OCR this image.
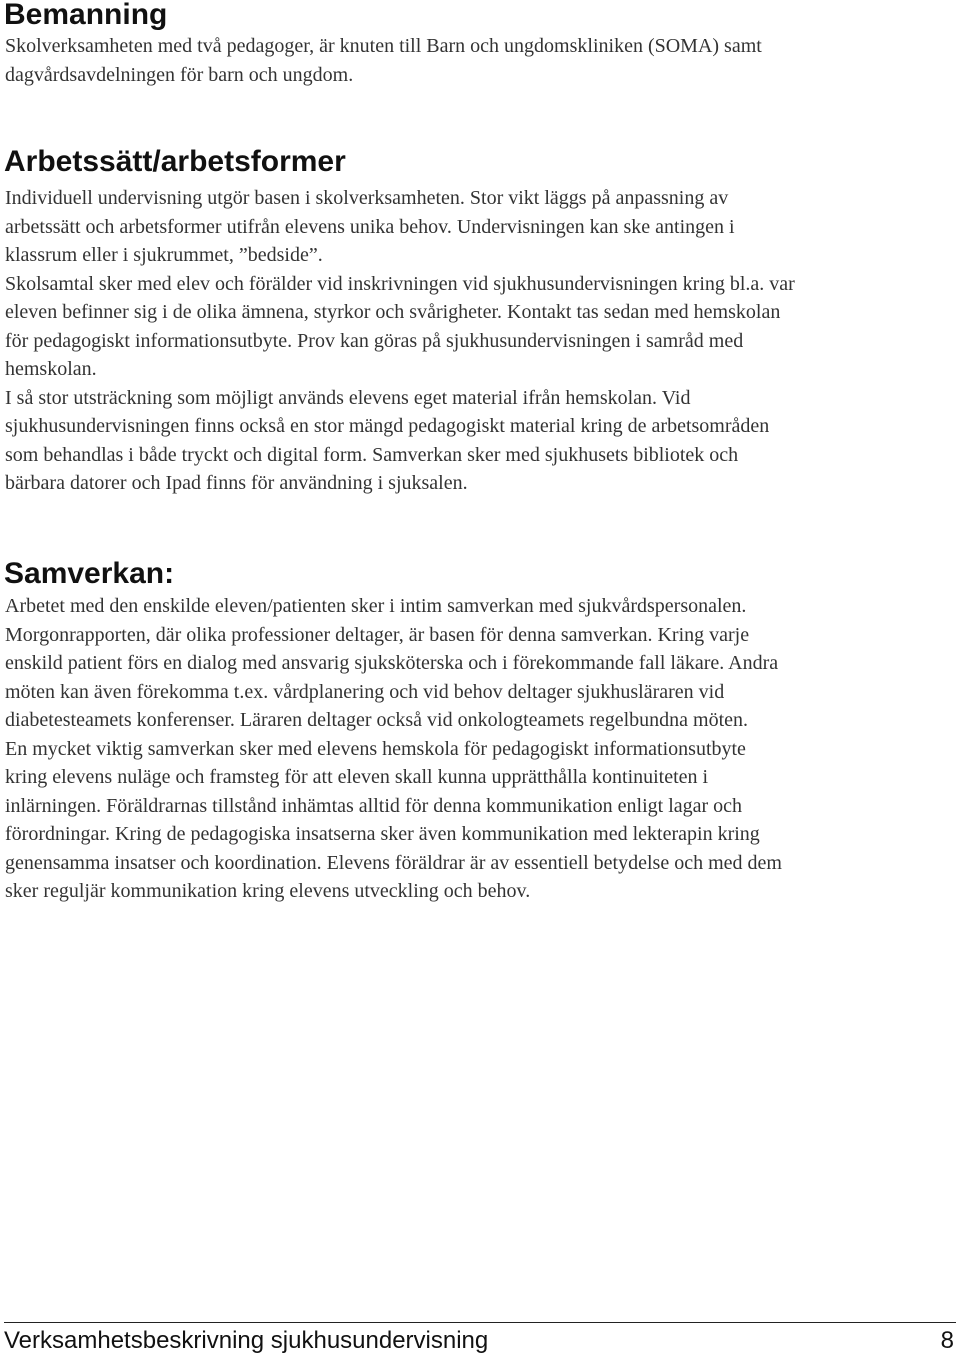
Bemanning

Skolverksamheten med två pedagoger, är knuten till Barn och ungdomskliniken (SOMA) samt
dagvårdsavdelningen för barn och ungdom.

Arbetssätt/arbetsformer

Individuell undervisning utgör basen i skolverksamheten. Stor vikt läggs på anpassning av
arbetssätt och arbetsformer utifrån elevens unika behov. Undervisningen kan ske antingen i
klassrum eller i sjukrummet, ”bedside”.
Skolsamtal sker med elev och förälder vid inskrivningen vid sjukhusundervisningen kring bl.a. var
eleven befinner sig i de olika ämnena, styrkor och svårigheter. Kontakt tas sedan med hemskolan
för pedagogiskt informationsutbyte. Prov kan göras på sjukhusundervisningen i samråd med
hemskolan.
I så stor utsträckning som möjligt används elevens eget material ifrån hemskolan. Vid
sjukhusundervisningen finns också en stor mängd pedagogiskt material kring de arbetsområden
som behandlas i både tryckt och digital form. Samverkan sker med sjukhusets bibliotek och
bärbara datorer och Ipad finns för användning i sjuksalen.

Samverkan:

Arbetet med den enskilde eleven/patienten sker i intim samverkan med sjukvårdspersonalen.
Morgonrapporten, där olika professioner deltager, är basen för denna samverkan. Kring varje
enskild patient förs en dialog med ansvarig sjuksköterska och i förekommande fall läkare. Andra
möten kan även förekomma t.ex. vårdplanering och vid behov deltager sjukhusläraren vid
diabetesteamets konferenser. Läraren deltager också vid onkologteamets regelbundna möten.
En mycket viktig samverkan sker med elevens hemskola för pedagogiskt informationsutbyte
kring elevens nuläge och framsteg för att eleven skall kunna upprätthålla kontinuiteten i
inlärningen. Föräldrarnas tillstånd inhämtas alltid för denna kommunikation enligt lagar och
förordningar. Kring de pedagogiska insatserna sker även kommunikation med lekterapin kring
genensamma insatser och koordination. Elevens föräldrar är av essentiell betydelse och med dem
sker reguljär kommunikation kring elevens utveckling och behov.

Verksamhetsbeskrivning sjukhusundervisning	8
